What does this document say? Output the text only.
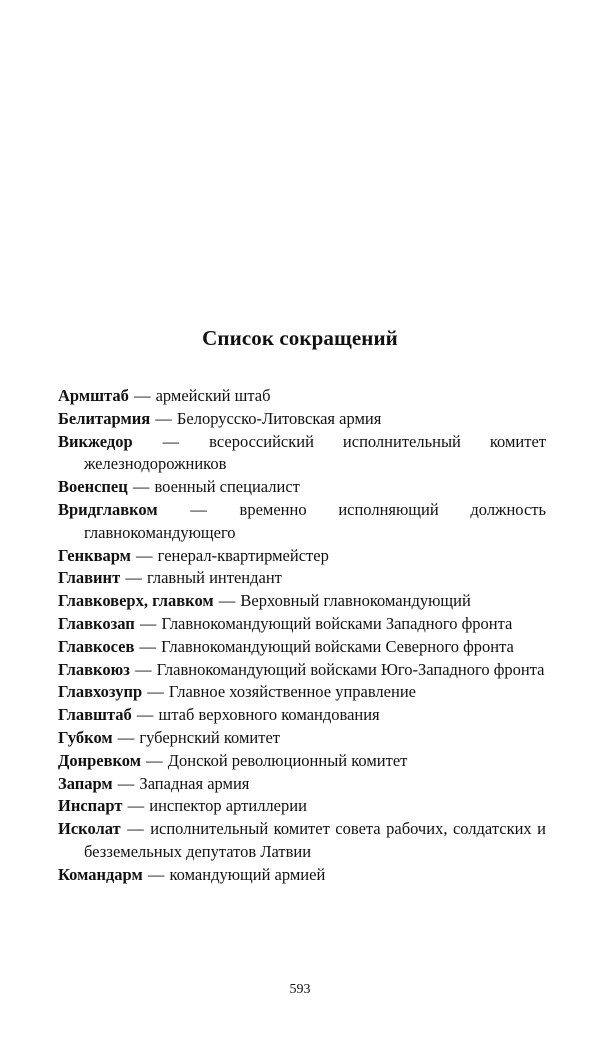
Список сокращений
Армштаб — армейский штаб
Белитармия — Белорусско-Литовская армия
Викжедор — всероссийский исполнительный комитет железнодорожников
Военспец — военный специалист
Вридглавком — временно исполняющий должность главнокомандующего
Генкварм — генерал-квартирмейстер
Главинт — главный интендант
Главковерх, главком — Верховный главнокомандующий
Главкозап — Главнокомандующий войсками Западного фронта
Главкосев — Главнокомандующий войсками Северного фронта
Главкоюз — Главнокомандующий войсками Юго-Западного фронта
Главхозупр — Главное хозяйственное управление
Главштаб — штаб верховного командования
Губком — губернский комитет
Донревком — Донской революционный комитет
Запарм — Западная армия
Инспарт — инспектор артиллерии
Исколат — исполнительный комитет совета рабочих, солдатских и безземельных депутатов Латвии
Командарм — командующий армией
593
